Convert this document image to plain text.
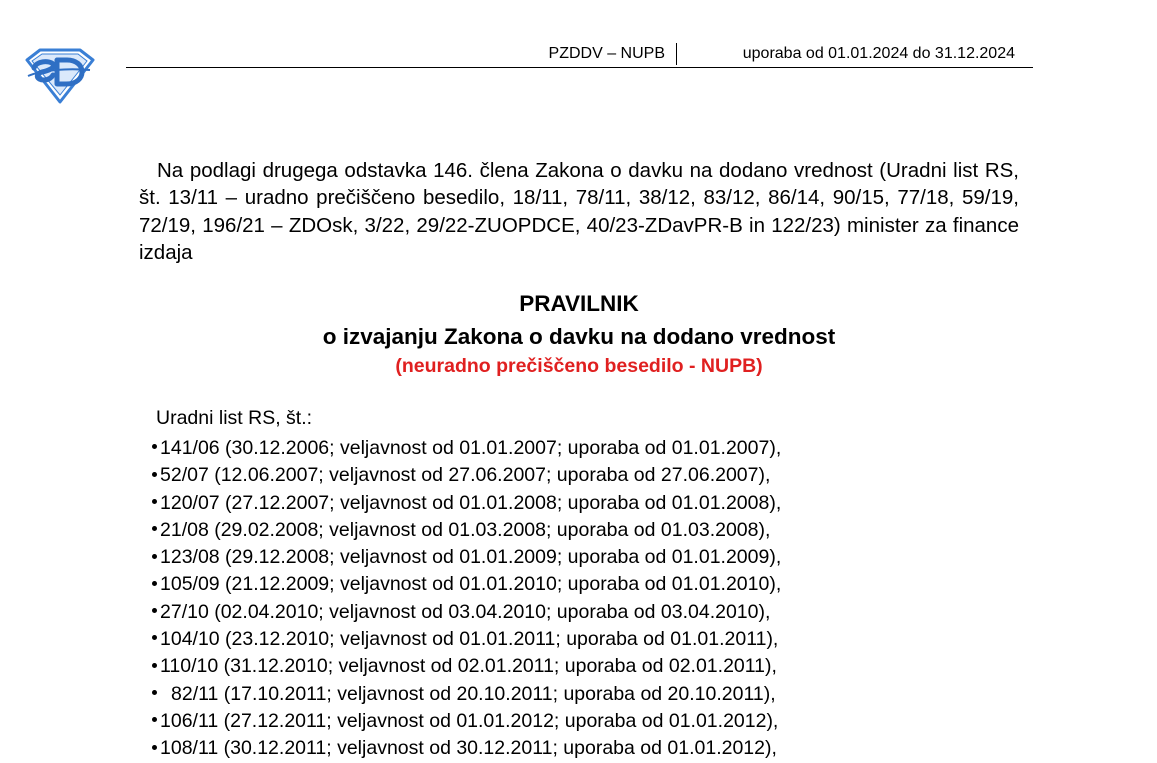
PZDDV – NUPB	uporaba od 01.01.2024 do 31.12.2024

Na podlagi drugega odstavka 146. člena Zakona o davku na dodano vrednost (Uradni list RS, št. 13/11 – uradno prečiščeno besedilo, 18/11, 78/11, 38/12, 83/12, 86/14, 90/15, 77/18, 59/19, 72/19, 196/21 – ZDOsk, 3/22, 29/22-ZUOPDCE, 40/23-ZDavPR-B in 122/23) minister za finance izdaja

PRAVILNIK
o izvajanju Zakona o davku na dodano vrednost
(neuradno prečiščeno besedilo - NUPB)
Uradni list RS, št.:
141/06 (30.12.2006; veljavnost od 01.01.2007; uporaba od 01.01.2007),
52/07 (12.06.2007; veljavnost od 27.06.2007; uporaba od 27.06.2007),
120/07 (27.12.2007; veljavnost od 01.01.2008; uporaba od 01.01.2008),
21/08 (29.02.2008; veljavnost od 01.03.2008; uporaba od 01.03.2008),
123/08 (29.12.2008; veljavnost od 01.01.2009; uporaba od 01.01.2009),
105/09 (21.12.2009; veljavnost od 01.01.2010; uporaba od 01.01.2010),
27/10 (02.04.2010; veljavnost od 03.04.2010; uporaba od 03.04.2010),
104/10 (23.12.2010; veljavnost od 01.01.2011; uporaba od 01.01.2011),
110/10 (31.12.2010; veljavnost od 02.01.2011; uporaba od 02.01.2011),
82/11 (17.10.2011; veljavnost od 20.10.2011; uporaba od 20.10.2011),
106/11 (27.12.2011; veljavnost od 01.01.2012; uporaba od 01.01.2012),
108/11 (30.12.2011; veljavnost od 30.12.2011; uporaba od 01.01.2012),
